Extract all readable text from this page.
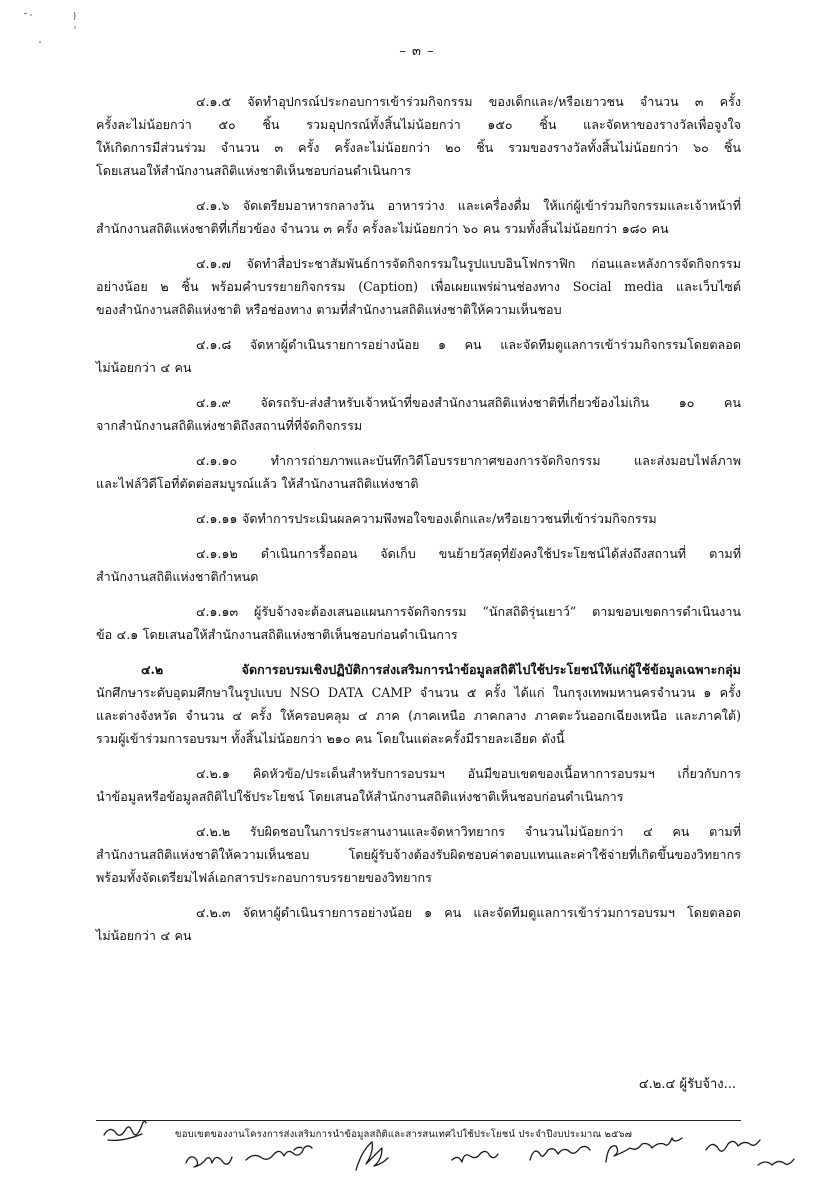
– ๓ –
๔.๑.๕ จัดทำอุปกรณ์ประกอบการเข้าร่วมกิจกรรม ของเด็กและ/หรือเยาวชน จำนวน ๓ ครั้ง
ครั้งละไม่น้อยกว่า ๕๐ ชิ้น รวมอุปกรณ์ทั้งสิ้นไม่น้อยกว่า ๑๕๐ ชิ้น และจัดหาของรางวัลเพื่อจูงใจ
ให้เกิดการมีส่วนร่วม จำนวน ๓ ครั้ง ครั้งละไม่น้อยกว่า ๒๐ ชิ้น รวมของรางวัลทั้งสิ้นไม่น้อยกว่า ๖๐ ชิ้น
โดยเสนอให้สำนักงานสถิติแห่งชาติเห็นชอบก่อนดำเนินการ
๔.๑.๖ จัดเตรียมอาหารกลางวัน อาหารว่าง และเครื่องดื่ม ให้แก่ผู้เข้าร่วมกิจกรรมและเจ้าหน้าที่
สำนักงานสถิติแห่งชาติที่เกี่ยวข้อง จำนวน ๓ ครั้ง ครั้งละไม่น้อยกว่า ๖๐ คน รวมทั้งสิ้นไม่น้อยกว่า ๑๘๐ คน
๔.๑.๗ จัดทำสื่อประชาสัมพันธ์การจัดกิจกรรมในรูปแบบอินโฟกราฟิก ก่อนและหลังการจัดกิจกรรม
อย่างน้อย ๒ ชิ้น พร้อมคำบรรยายกิจกรรม (Caption) เพื่อเผยแพร่ผ่านช่องทาง Social media และเว็บไซต์
ของสำนักงานสถิติแห่งชาติ หรือช่องทาง ตามที่สำนักงานสถิติแห่งชาติให้ความเห็นชอบ
๔.๑.๘ จัดหาผู้ดำเนินรายการอย่างน้อย ๑ คน และจัดทีมดูแลการเข้าร่วมกิจกรรมโดยตลอด
ไม่น้อยกว่า ๔ คน
๔.๑.๙ จัดรถรับ-ส่งสำหรับเจ้าหน้าที่ของสำนักงานสถิติแห่งชาติที่เกี่ยวข้องไม่เกิน ๑๐ คน
จากสำนักงานสถิติแห่งชาติถึงสถานที่ที่จัดกิจกรรม
๔.๑.๑๐ ทำการถ่ายภาพและบันทึกวิดีโอบรรยากาศของการจัดกิจกรรม และส่งมอบไฟล์ภาพ
และไฟล์วิดีโอที่ตัดต่อสมบูรณ์แล้ว ให้สำนักงานสถิติแห่งชาติ
๔.๑.๑๑ จัดทำการประเมินผลความพึงพอใจของเด็กและ/หรือเยาวชนที่เข้าร่วมกิจกรรม
๔.๑.๑๒ ดำเนินการรื้อถอน จัดเก็บ ขนย้ายวัสดุที่ยังคงใช้ประโยชน์ได้ส่งถึงสถานที่ ตามที่
สำนักงานสถิติแห่งชาติกำหนด
๔.๑.๑๓ ผู้รับจ้างจะต้องเสนอแผนการจัดกิจกรรม “นักสถิติรุ่นเยาว์” ตามขอบเขตการดำเนินงาน
ข้อ ๔.๑ โดยเสนอให้สำนักงานสถิติแห่งชาติเห็นชอบก่อนดำเนินการ
๔.๒ จัดการอบรมเชิงปฏิบัติการส่งเสริมการนำข้อมูลสถิติไปใช้ประโยชน์ให้แก่ผู้ใช้ข้อมูลเฉพาะกลุ่ม
นักศึกษาระดับอุดมศึกษาในรูปแบบ NSO DATA CAMP จำนวน ๕ ครั้ง ได้แก่ ในกรุงเทพมหานครจำนวน ๑ ครั้ง
และต่างจังหวัด จำนวน ๔ ครั้ง ให้ครอบคลุม ๔ ภาค (ภาคเหนือ ภาคกลาง ภาคตะวันออกเฉียงเหนือ และภาคใต้)
รวมผู้เข้าร่วมการอบรมฯ ทั้งสิ้นไม่น้อยกว่า ๒๑๐ คน โดยในแต่ละครั้งมีรายละเอียด ดังนี้
๔.๒.๑ คิดหัวข้อ/ประเด็นสำหรับการอบรมฯ อันมีขอบเขตของเนื้อหาการอบรมฯ เกี่ยวกับการ
นำข้อมูลหรือข้อมูลสถิติไปใช้ประโยชน์ โดยเสนอให้สำนักงานสถิติแห่งชาติเห็นชอบก่อนดำเนินการ
๔.๒.๒ รับผิดชอบในการประสานงานและจัดหาวิทยากร จำนวนไม่น้อยกว่า ๔ คน ตามที่
สำนักงานสถิติแห่งชาติให้ความเห็นชอบ โดยผู้รับจ้างต้องรับผิดชอบค่าตอบแทนและค่าใช้จ่ายที่เกิดขึ้นของวิทยากร
พร้อมทั้งจัดเตรียมไฟล์เอกสารประกอบการบรรยายของวิทยากร
๔.๒.๓ จัดหาผู้ดำเนินรายการอย่างน้อย ๑ คน และจัดทีมดูแลการเข้าร่วมการอบรมฯ โดยตลอด
ไม่น้อยกว่า ๔ คน
๔.๒.๔ ผู้รับจ้าง...
ขอบเขตของงานโครงการส่งเสริมการนำข้อมูลสถิติและสารสนเทศไปใช้ประโยชน์ ประจำปีงบประมาณ ๒๕๖๗
